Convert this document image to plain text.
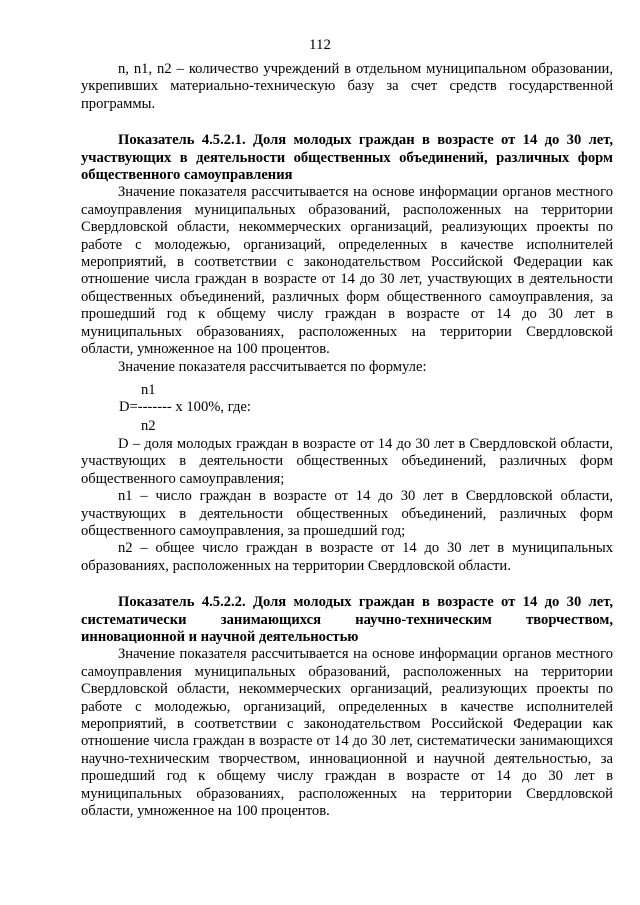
112

n, n1, n2 – количество учреждений в отдельном муниципальном образовании, укрепивших материально-техническую базу за счет средств государственной программы.

Показатель 4.5.2.1. Доля молодых граждан в возрасте от 14 до 30 лет, участвующих в деятельности общественных объединений, различных форм общественного самоуправления

Значение показателя рассчитывается на основе информации органов местного самоуправления муниципальных образований, расположенных на территории Свердловской области, некоммерческих организаций, реализующих проекты по работе с молодежью, организаций, определенных в качестве исполнителей мероприятий, в соответствии с законодательством Российской Федерации как отношение числа граждан в возрасте от 14 до 30 лет, участвующих в деятельности общественных объединений, различных форм общественного самоуправления, за прошедший год к общему числу граждан в возрасте от 14 до 30 лет в муниципальных образованиях, расположенных на территории Свердловской области, умноженное на 100 процентов.

Значение показателя рассчитывается по формуле:

n1
D=------- x 100%, где:
n2

D – доля молодых граждан в возрасте от 14 до 30 лет в Свердловской области, участвующих в деятельности общественных объединений, различных форм общественного самоуправления;

n1 – число граждан в возрасте от 14 до 30 лет в Свердловской области, участвующих в деятельности общественных объединений, различных форм общественного самоуправления, за прошедший год;

n2 – общее число граждан в возрасте от 14 до 30 лет в муниципальных образованиях, расположенных на территории Свердловской области.

Показатель 4.5.2.2. Доля молодых граждан в возрасте от 14 до 30 лет, систематически занимающихся научно-техническим творчеством, инновационной и научной деятельностью

Значение показателя рассчитывается на основе информации органов местного самоуправления муниципальных образований, расположенных на территории Свердловской области, некоммерческих организаций, реализующих проекты по работе с молодежью, организаций, определенных в качестве исполнителей мероприятий, в соответствии с законодательством Российской Федерации как отношение числа граждан в возрасте от 14 до 30 лет, систематически занимающихся научно-техническим творчеством, инновационной и научной деятельностью, за прошедший год к общему числу граждан в возрасте от 14 до 30 лет в муниципальных образованиях, расположенных на территории Свердловской области, умноженное на 100 процентов.
